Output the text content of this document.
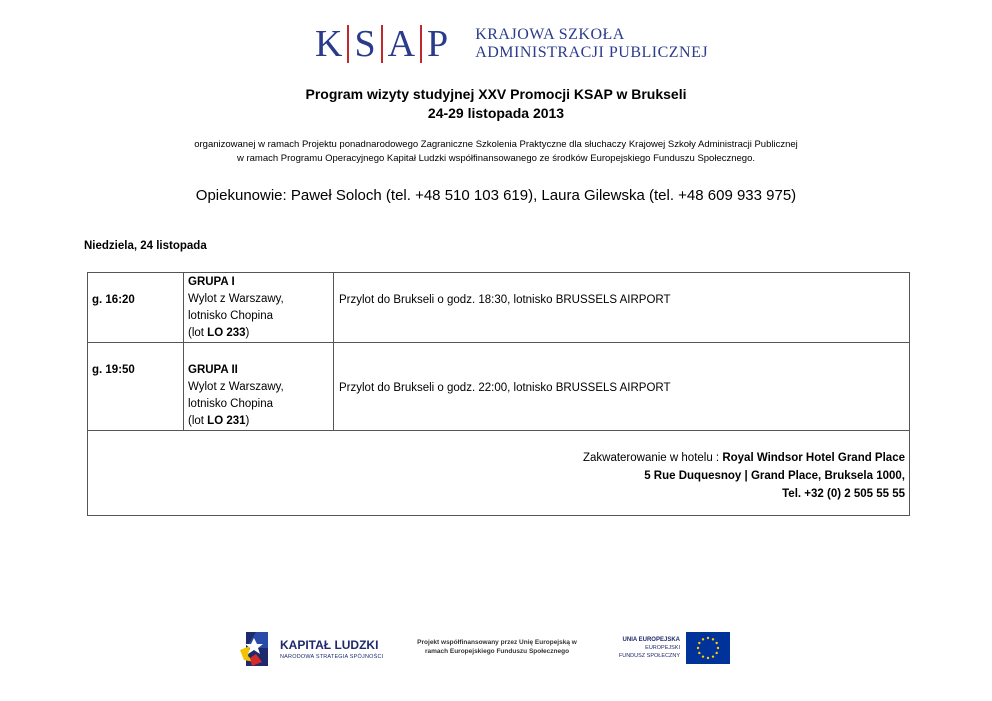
K S A P	KRAJOWA SZKOŁA
ADMINISTRACJI PUBLICZNEJ
Program wizyty studyjnej XXV Promocji KSAP w Brukseli
24-29 listopada 2013
organizowanej w ramach Projektu ponadnarodowego Zagraniczne Szkolenia Praktyczne dla słuchaczy Krajowej Szkoły Administracji Publicznej
w ramach Programu Operacyjnego Kapitał Ludzki współfinansowanego ze środków Europejskiego Funduszu Społecznego.
Opiekunowie: Paweł Soloch (tel. +48 510 103 619), Laura Gilewska (tel. +48 609 933 975)
Niedziela, 24 listopada
g. 16:20
GRUPA I
Wylot z Warszawy,
lotnisko Chopina
(lot LO 233)
Przylot do Brukseli o godz. 18:30, lotnisko BRUSSELS AIRPORT
g. 19:50	GRUPA II
Wylot z Warszawy,
lotnisko Chopina
(lot LO 231)
Przylot do Brukseli o godz. 22:00, lotnisko BRUSSELS AIRPORT
Zakwaterowanie w hotelu : Royal Windsor Hotel Grand Place
5 Rue Duquesnoy | Grand Place, Bruksela 1000,
Tel. +32 (0) 2 505 55 55
KAPITAŁ LUDZKI
NARODOWA STRATEGIA SPÓJNOŚCI
Projekt współfinansowany przez Unię Europejską w
ramach Europejskiego Funduszu Społecznego
UNIA EUROPEJSKA
EUROPEJSKI
FUNDUSZ SPOŁECZNY
